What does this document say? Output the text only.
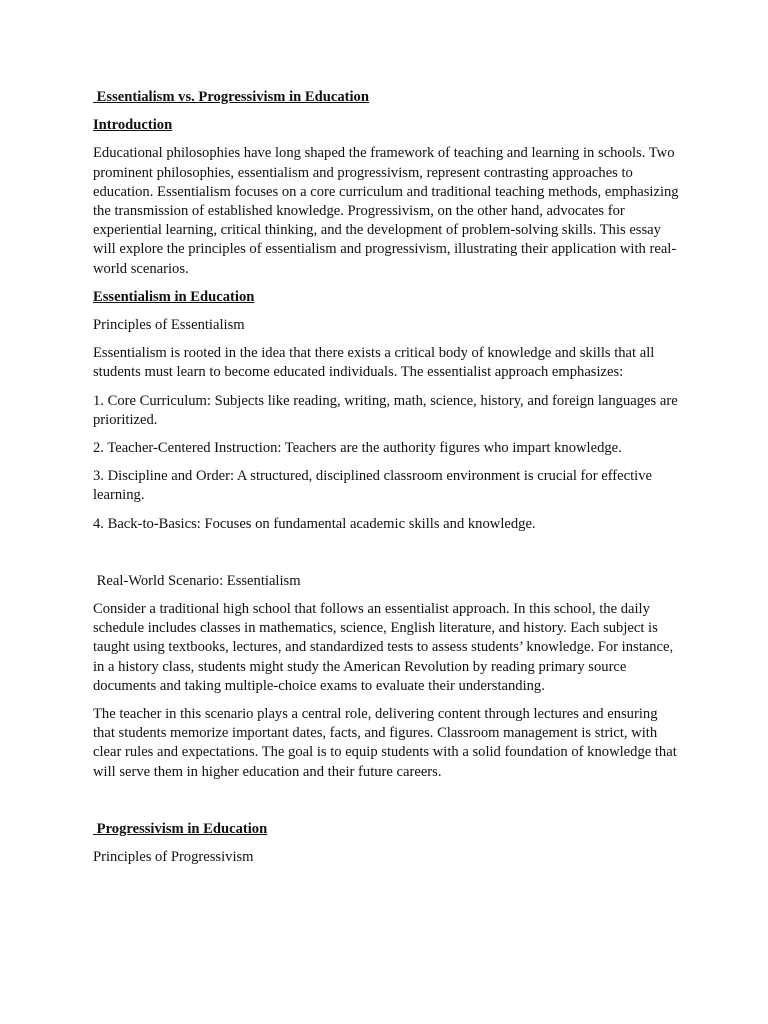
Essentialism vs. Progressivism in Education

Introduction

Educational philosophies have long shaped the framework of teaching and learning in schools. Two prominent philosophies, essentialism and progressivism, represent contrasting approaches to education. Essentialism focuses on a core curriculum and traditional teaching methods, emphasizing the transmission of established knowledge. Progressivism, on the other hand, advocates for experiential learning, critical thinking, and the development of problem-solving skills. This essay will explore the principles of essentialism and progressivism, illustrating their application with real-world scenarios.

Essentialism in Education

Principles of Essentialism

Essentialism is rooted in the idea that there exists a critical body of knowledge and skills that all students must learn to become educated individuals. The essentialist approach emphasizes:

1. Core Curriculum: Subjects like reading, writing, math, science, history, and foreign languages are prioritized.

2. Teacher-Centered Instruction: Teachers are the authority figures who impart knowledge.

3. Discipline and Order: A structured, disciplined classroom environment is crucial for effective learning.

4. Back-to-Basics: Focuses on fundamental academic skills and knowledge.

Real-World Scenario: Essentialism

Consider a traditional high school that follows an essentialist approach. In this school, the daily schedule includes classes in mathematics, science, English literature, and history. Each subject is taught using textbooks, lectures, and standardized tests to assess students’ knowledge. For instance, in a history class, students might study the American Revolution by reading primary source documents and taking multiple-choice exams to evaluate their understanding.

The teacher in this scenario plays a central role, delivering content through lectures and ensuring that students memorize important dates, facts, and figures. Classroom management is strict, with clear rules and expectations. The goal is to equip students with a solid foundation of knowledge that will serve them in higher education and their future careers.

Progressivism in Education

Principles of Progressivism
